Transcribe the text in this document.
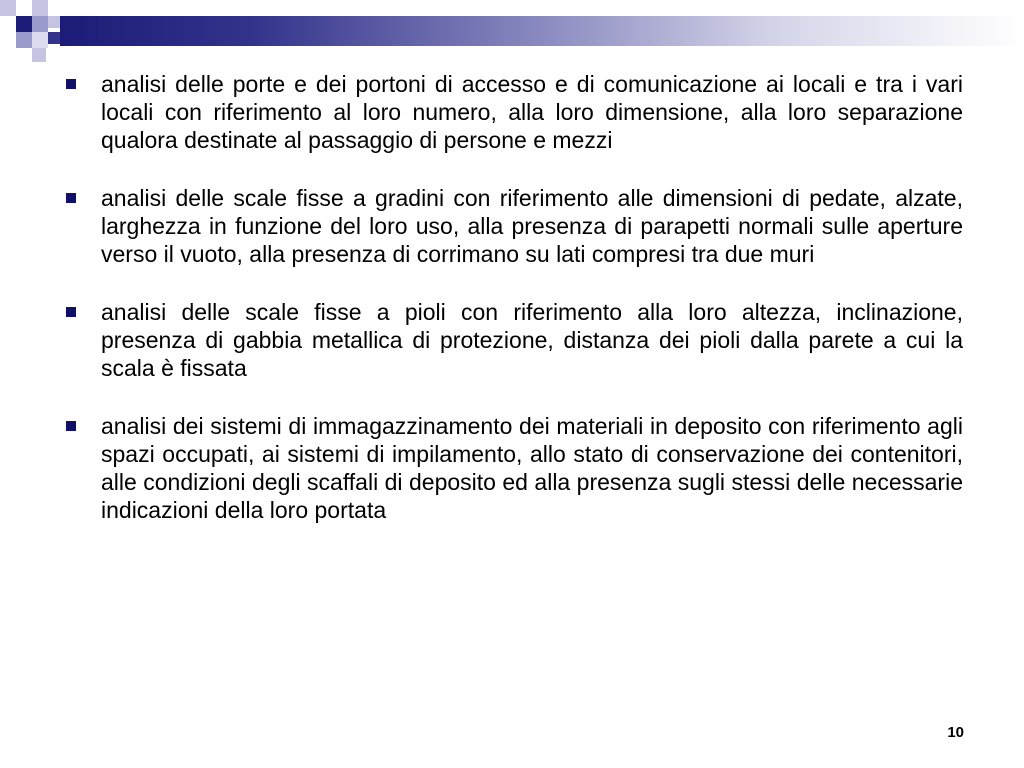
analisi delle porte e dei portoni di accesso e di comunicazione ai locali e tra i vari locali con riferimento al loro numero, alla loro dimensione, alla loro separazione qualora destinate al passaggio di persone e mezzi
analisi delle scale fisse a gradini con riferimento alle dimensioni di pedate, alzate, larghezza in funzione del loro uso, alla presenza di parapetti normali sulle aperture verso il vuoto, alla presenza di corrimano su lati compresi tra due muri
analisi delle scale fisse a pioli con riferimento alla loro altezza, inclinazione, presenza di gabbia metallica di protezione, distanza dei pioli dalla parete a cui la scala è fissata
analisi dei sistemi di immagazzinamento dei materiali in deposito con riferimento agli spazi occupati, ai sistemi di impilamento, allo stato di conservazione dei contenitori, alle condizioni degli scaffali di deposito ed alla presenza sugli stessi delle necessarie indicazioni della loro portata
10
